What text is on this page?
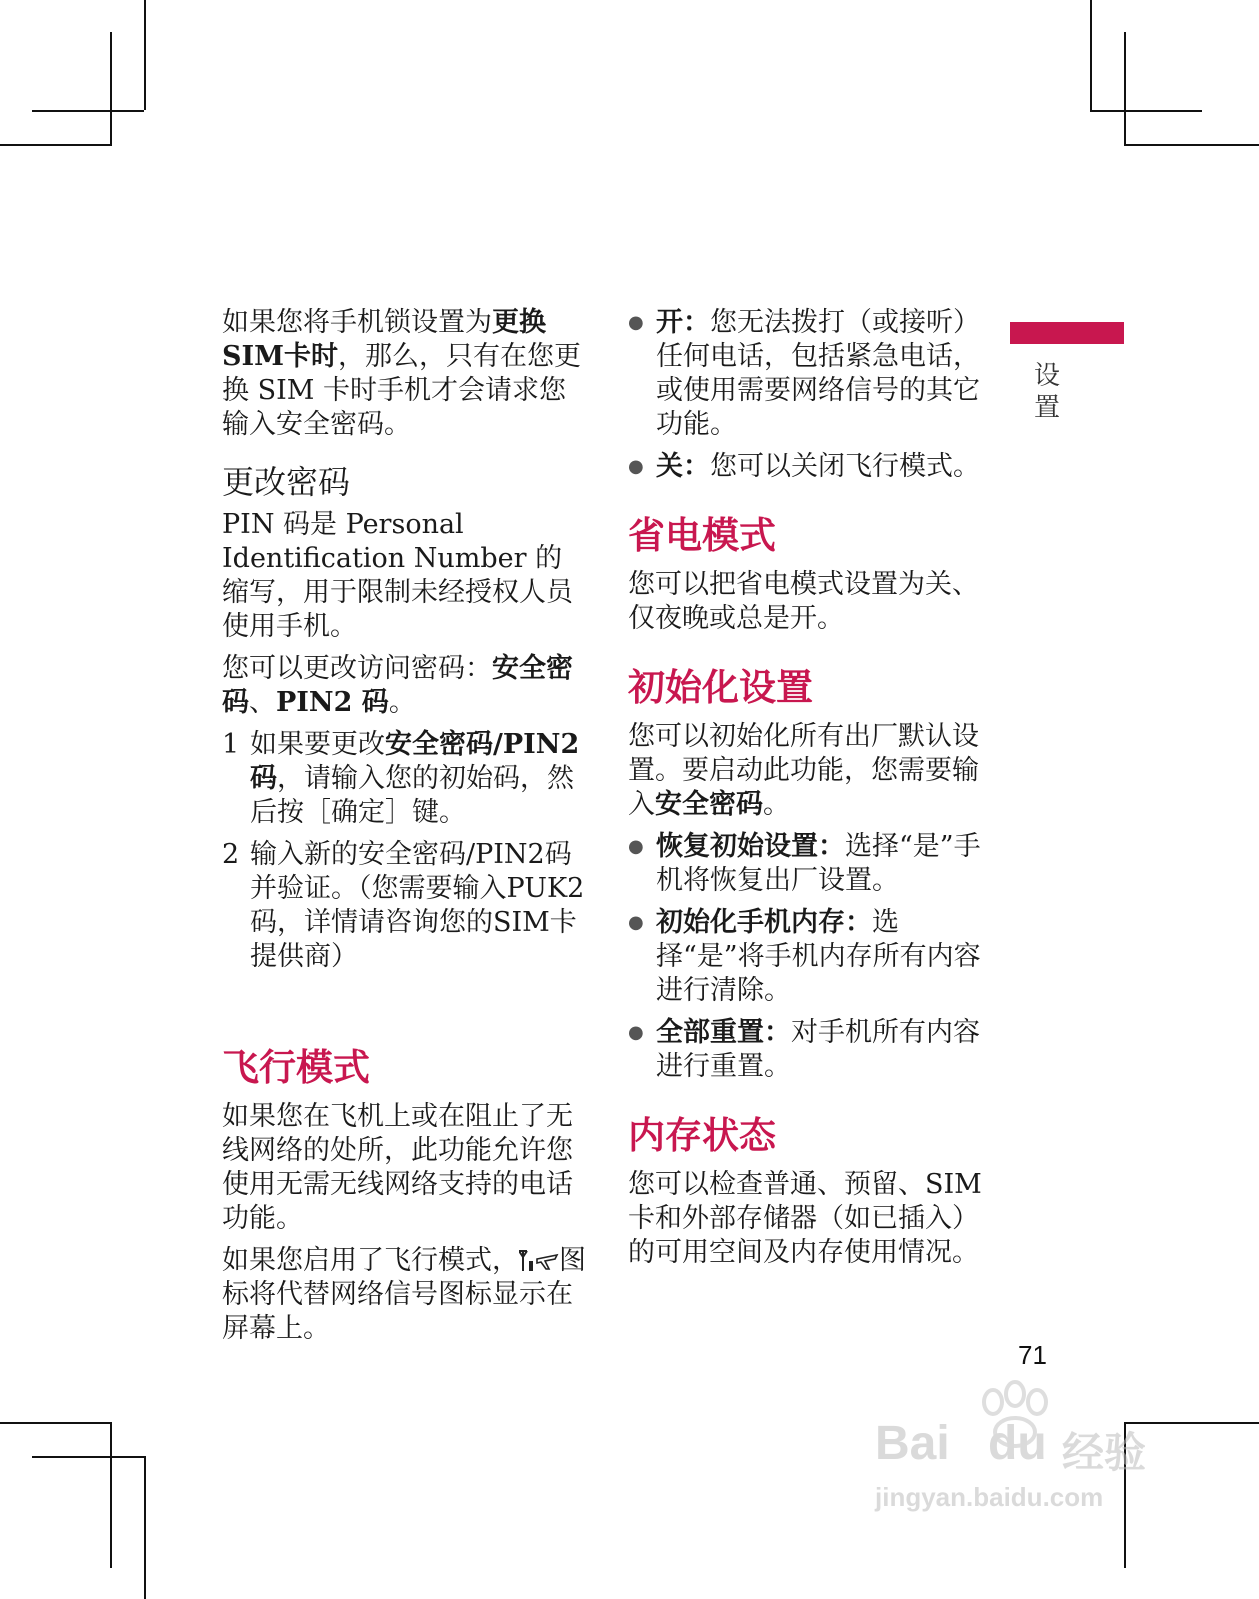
设置

如果您将手机锁设置为更换SIM卡时，那么，只有在您更换 SIM 卡时手机才会请求您输入安全密码。

更改密码

PIN 码是 Personal Identification Number 的缩写，用于限制未经授权人员使用手机。

您可以更改访问密码：安全密码、PIN2 码。

1 如果要更改安全密码/PIN2码，请输入您的初始码，然后按［确定］键。
2 输入新的安全密码/PIN2码并验证。（您需要输入PUK2码，详情请咨询您的SIM卡提供商）
飞行模式

如果您在飞机上或在阻止了无线网络的处所，此功能允许您使用无需无线网络支持的电话功能。

如果您启用了飞行模式， 图标将代替网络信号图标显示在屏幕上。

● 开：您无法拨打（或接听）任何电话，包括紧急电话，或使用需要网络信号的其它功能。
● 关：您可以关闭飞行模式。
省电模式

您可以把省电模式设置为关、仅夜晚或总是开。

初始化设置

您可以初始化所有出厂默认设置。要启动此功能，您需要输入安全密码。

● 恢复初始设置：选择“是”手机将恢复出厂设置。
● 初始化手机内存：选择“是”将手机内存所有内容进行清除。
● 全部重置：对手机所有内容进行重置。
内存状态

您可以检查普通、预留、SIM卡和外部存储器（如已插入）的可用空间及内存使用情况。

71
Bai du 经验
jingyan.baidu.com
